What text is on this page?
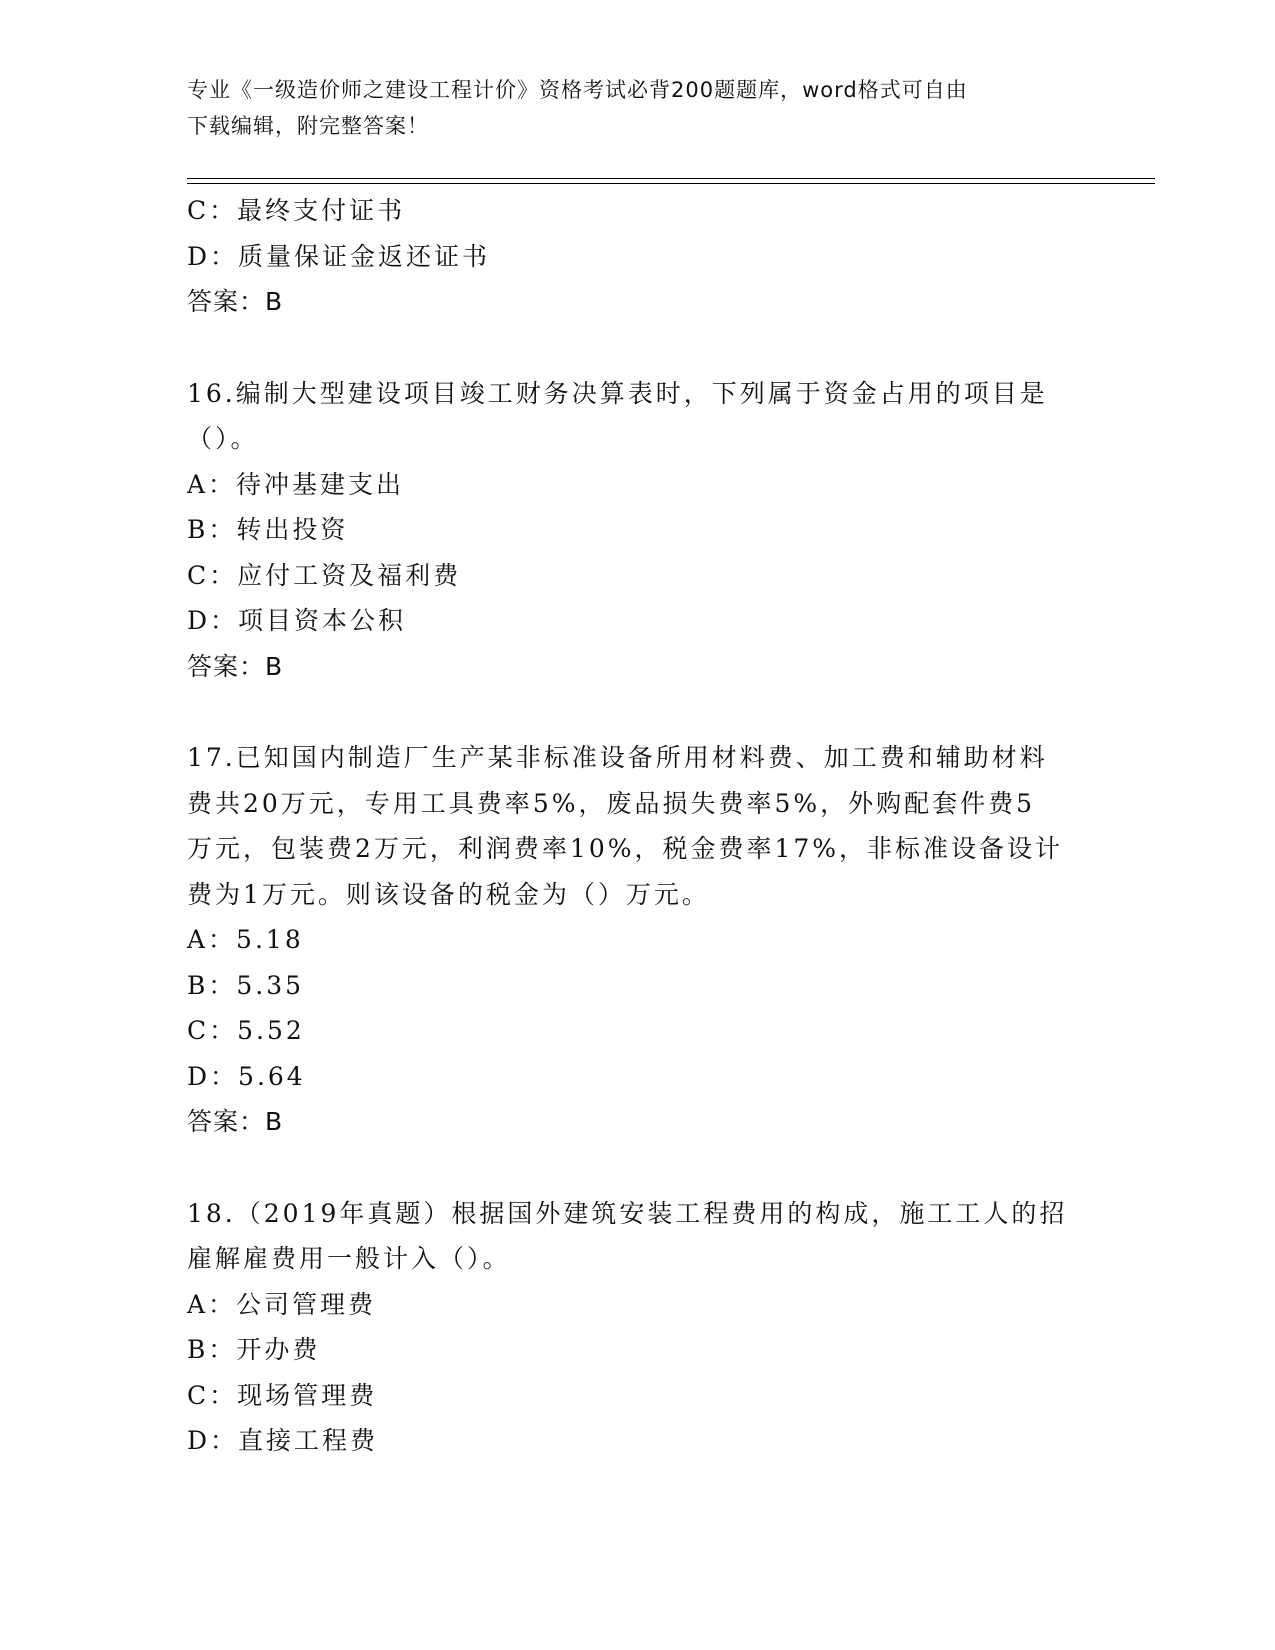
专业《一级造价师之建设工程计价》资格考试必背200题题库，word格式可自由
下载编辑，附完整答案！
C：最终支付证书
D：质量保证金返还证书
答案：B
16.编制大型建设项目竣工财务决算表时，下列属于资金占用的项目是
（）。
A：待冲基建支出
B：转出投资
C：应付工资及福利费
D：项目资本公积
答案：B
17.已知国内制造厂生产某非标准设备所用材料费、加工费和辅助材料
费共20万元，专用工具费率5%，废品损失费率5%，外购配套件费5
万元，包装费2万元，利润费率10%，税金费率17%，非标准设备设计
费为1万元。则该设备的税金为（）万元。
A：5.18
B：5.35
C：5.52
D：5.64
答案：B
18.（2019年真题）根据国外建筑安装工程费用的构成，施工工人的招
雇解雇费用一般计入（）。
A：公司管理费
B：开办费
C：现场管理费
D：直接工程费
